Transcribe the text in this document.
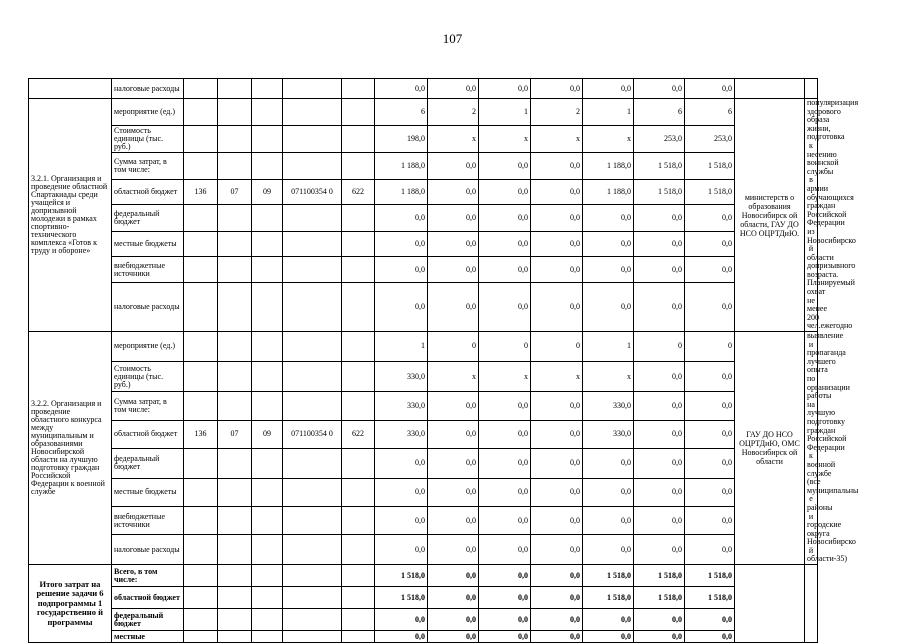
107
	налоговые расходы						0,0	0,0	0,0	0,0	0,0	0,0	0,0		
3.2.1. Организация и проведение областной Спартакиады среди учащейся и допризывной молодежи в рамках спортивно-технического комплекса «Готов к труду и обороне»	мероприятие (ед.)						6	2	1	2	1	6	6	министерств о образования Новосибирск ой области, ГАУ ДО НСО ОЦРТДиЮ.	популяризация здорового образа жизни, подготовка к несению воинской службы в армии обучающихся граждан Российской Федерации из Новосибирско й области допризывного возраста. Планируемый охват не менее 200 чел.ежегодно
	Стоимость единицы (тыс. руб.)						198,0	x	x	x	x	253,0	253,0		
	Сумма затрат, в том числе:						1 188,0	0,0	0,0	0,0	1 188,0	1 518,0	1 518,0		
	областной бюджет	136	07	09	071100354 0	622	1 188,0	0,0	0,0	0,0	1 188,0	1 518,0	1 518,0		
	федеральный бюджет						0,0	0,0	0,0	0,0	0,0	0,0	0,0		
	местные бюджеты						0,0	0,0	0,0	0,0	0,0	0,0	0,0		
	внебюджетные источники						0,0	0,0	0,0	0,0	0,0	0,0	0,0		
	налоговые расходы						0,0	0,0	0,0	0,0	0,0	0,0	0,0		
3.2.2. Организация и проведение областного конкурса между муниципальным и образованиями Новосибирской области на лучшую подготовку граждан Российской Федерации к военной службе	мероприятие (ед.)						1	0	0	0	1	0	0	ГАУ ДО НСО ОЦРТДиЮ, ОМС Новосибирск ой области	выявление и пропаганда лучшего опыта по организации работы на лучшую подготовку граждан Российской Федерации к военной службе (все муниципальны е районы и городские округа Новосибирско й области-35)
	Стоимость единицы (тыс. руб.)						330,0	x	x	x	x	0,0	0,0		
	Сумма затрат, в том числе:						330,0	0,0	0,0	0,0	330,0	0,0	0,0		
	областной бюджет	136	07	09	071100354 0	622	330,0	0,0	0,0	0,0	330,0	0,0	0,0		
	федеральный бюджет						0,0	0,0	0,0	0,0	0,0	0,0	0,0		
	местные бюджеты						0,0	0,0	0,0	0,0	0,0	0,0	0,0		
	внебюджетные источники						0,0	0,0	0,0	0,0	0,0	0,0	0,0		
	налоговые расходы						0,0	0,0	0,0	0,0	0,0	0,0	0,0		
Итого затрат на решение задачи 6 подпрограммы 1 государственно й программы	Всего, в том числе:						1 518,0	0,0	0,0	0,0	1 518,0	1 518,0	1 518,0		
	областной бюджет						1 518,0	0,0	0,0	0,0	1 518,0	1 518,0	1 518,0		
	федеральный бюджет						0,0	0,0	0,0	0,0	0,0	0,0	0,0		
	местные						0,0	0,0	0,0	0,0	0,0	0,0	0,0		
